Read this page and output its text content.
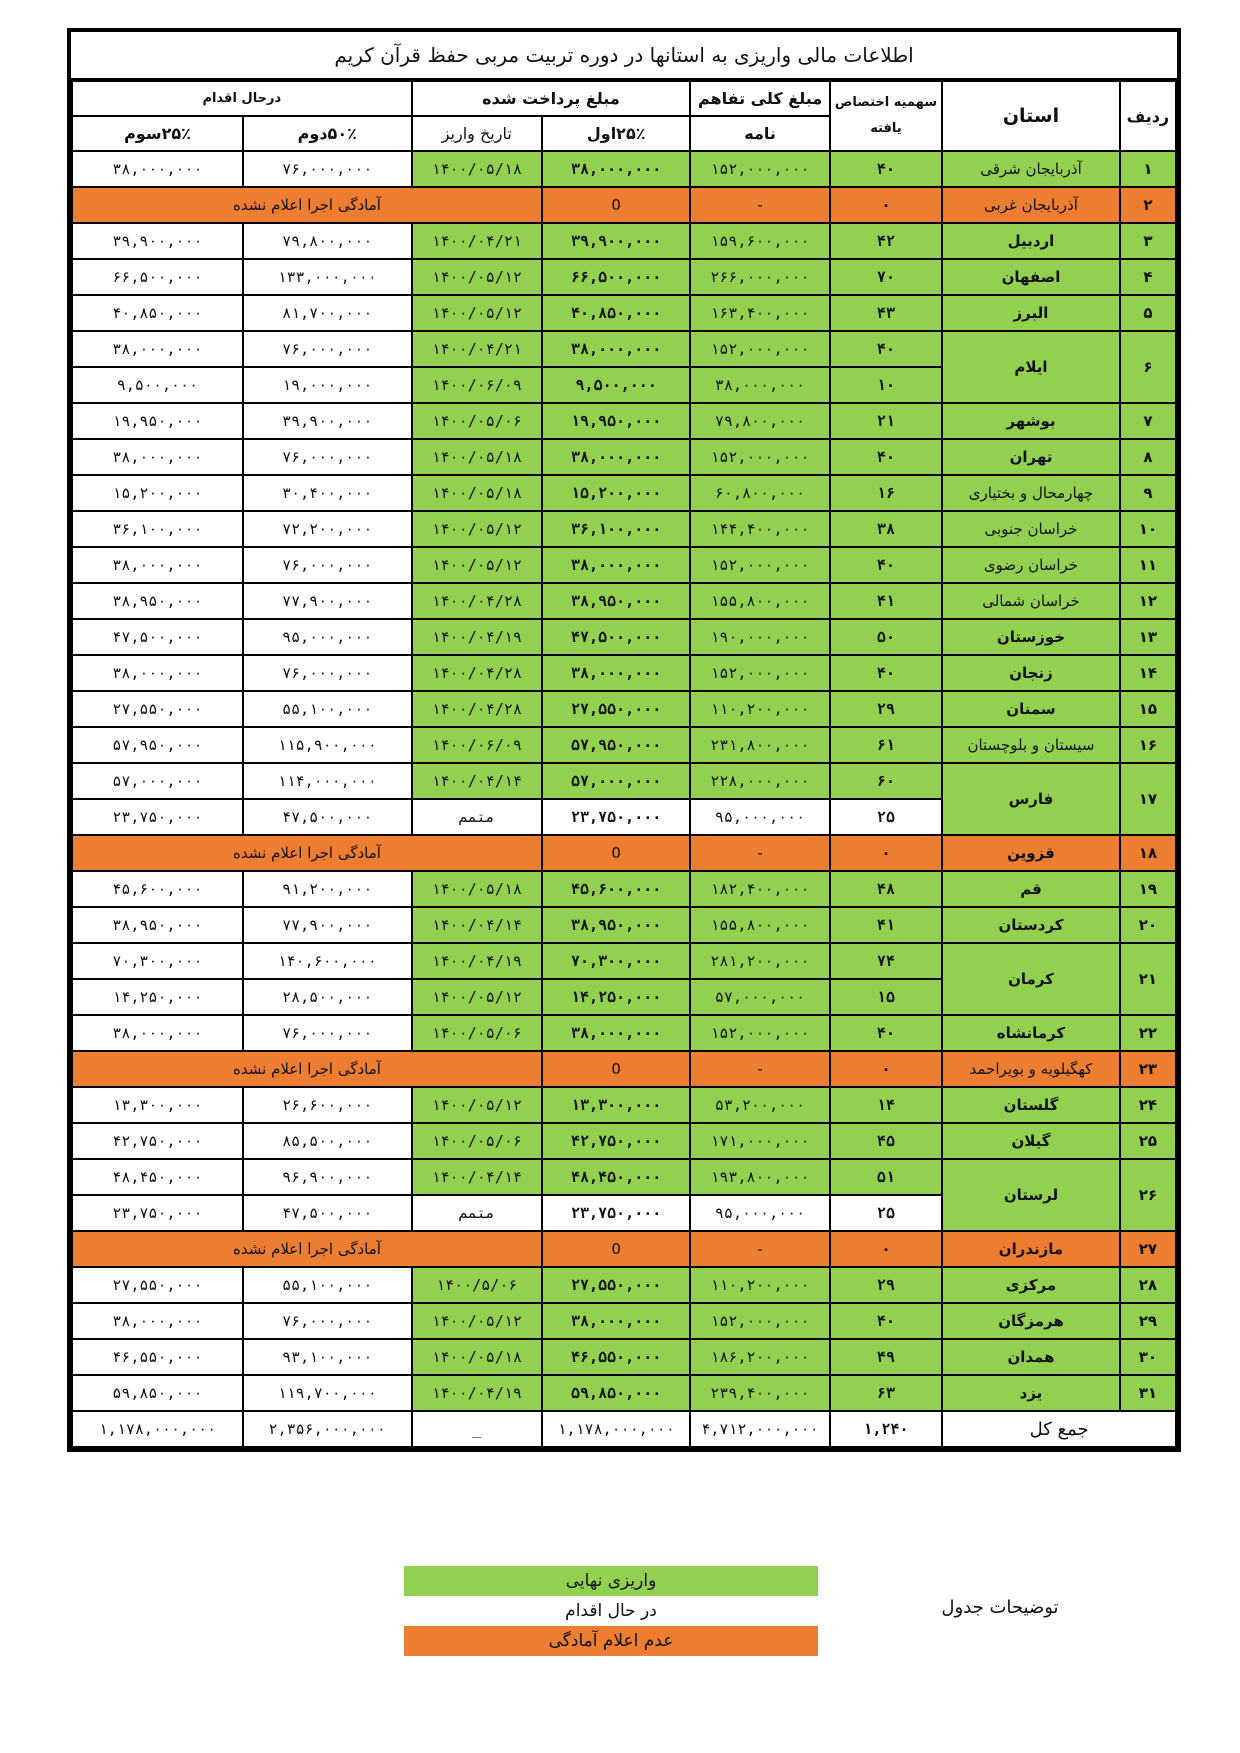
اطلاعات مالی واریزی به استانها در دوره تربیت مربی حفظ قرآن کریم
ردیف	استان	سهمیه اختصاص یافته	مبلغ کلی تفاهم	مبلغ پرداخت شده		درحال اقدام	
			نامه	۲۵٪اول	تاریخ واریز	۵۰٪دوم	۲۵٪سوم
۱	آذربایجان شرقی	۴۰	۱۵۲,۰۰۰,۰۰۰	۳۸,۰۰۰,۰۰۰	۱۴۰۰/۰۵/۱۸	۷۶,۰۰۰,۰۰۰	۳۸,۰۰۰,۰۰۰
۲	آذربایجان غربی	۰	-	0	آمادگی اجرا اعلام نشده		
۳	اردبیل	۴۲	۱۵۹,۶۰۰,۰۰۰	۳۹,۹۰۰,۰۰۰	۱۴۰۰/۰۴/۲۱	۷۹,۸۰۰,۰۰۰	۳۹,۹۰۰,۰۰۰
۴	اصفهان	۷۰	۲۶۶,۰۰۰,۰۰۰	۶۶,۵۰۰,۰۰۰	۱۴۰۰/۰۵/۱۲	۱۳۳,۰۰۰,۰۰۰	۶۶,۵۰۰,۰۰۰
۵	البرز	۴۳	۱۶۳,۴۰۰,۰۰۰	۴۰,۸۵۰,۰۰۰	۱۴۰۰/۰۵/۱۲	۸۱,۷۰۰,۰۰۰	۴۰,۸۵۰,۰۰۰
۶	ایلام	۴۰	۱۵۲,۰۰۰,۰۰۰	۳۸,۰۰۰,۰۰۰	۱۴۰۰/۰۴/۲۱	۷۶,۰۰۰,۰۰۰	۳۸,۰۰۰,۰۰۰
		۱۰	۳۸,۰۰۰,۰۰۰	۹,۵۰۰,۰۰۰	۱۴۰۰/۰۶/۰۹	۱۹,۰۰۰,۰۰۰	۹,۵۰۰,۰۰۰
۷	بوشهر	۲۱	۷۹,۸۰۰,۰۰۰	۱۹,۹۵۰,۰۰۰	۱۴۰۰/۰۵/۰۶	۳۹,۹۰۰,۰۰۰	۱۹,۹۵۰,۰۰۰
۸	تهران	۴۰	۱۵۲,۰۰۰,۰۰۰	۳۸,۰۰۰,۰۰۰	۱۴۰۰/۰۵/۱۸	۷۶,۰۰۰,۰۰۰	۳۸,۰۰۰,۰۰۰
۹	چهارمحال و بختیاری	۱۶	۶۰,۸۰۰,۰۰۰	۱۵,۲۰۰,۰۰۰	۱۴۰۰/۰۵/۱۸	۳۰,۴۰۰,۰۰۰	۱۵,۲۰۰,۰۰۰
۱۰	خراسان جنوبی	۳۸	۱۴۴,۴۰۰,۰۰۰	۳۶,۱۰۰,۰۰۰	۱۴۰۰/۰۵/۱۲	۷۲,۲۰۰,۰۰۰	۳۶,۱۰۰,۰۰۰
۱۱	خراسان رضوی	۴۰	۱۵۲,۰۰۰,۰۰۰	۳۸,۰۰۰,۰۰۰	۱۴۰۰/۰۵/۱۲	۷۶,۰۰۰,۰۰۰	۳۸,۰۰۰,۰۰۰
۱۲	خراسان شمالی	۴۱	۱۵۵,۸۰۰,۰۰۰	۳۸,۹۵۰,۰۰۰	۱۴۰۰/۰۴/۲۸	۷۷,۹۰۰,۰۰۰	۳۸,۹۵۰,۰۰۰
۱۳	خوزستان	۵۰	۱۹۰,۰۰۰,۰۰۰	۴۷,۵۰۰,۰۰۰	۱۴۰۰/۰۴/۱۹	۹۵,۰۰۰,۰۰۰	۴۷,۵۰۰,۰۰۰
۱۴	زنجان	۴۰	۱۵۲,۰۰۰,۰۰۰	۳۸,۰۰۰,۰۰۰	۱۴۰۰/۰۴/۲۸	۷۶,۰۰۰,۰۰۰	۳۸,۰۰۰,۰۰۰
۱۵	سمنان	۲۹	۱۱۰,۲۰۰,۰۰۰	۲۷,۵۵۰,۰۰۰	۱۴۰۰/۰۴/۲۸	۵۵,۱۰۰,۰۰۰	۲۷,۵۵۰,۰۰۰
۱۶	سیستان و بلوچستان	۶۱	۲۳۱,۸۰۰,۰۰۰	۵۷,۹۵۰,۰۰۰	۱۴۰۰/۰۶/۰۹	۱۱۵,۹۰۰,۰۰۰	۵۷,۹۵۰,۰۰۰
۱۷	فارس	۶۰	۲۲۸,۰۰۰,۰۰۰	۵۷,۰۰۰,۰۰۰	۱۴۰۰/۰۴/۱۴	۱۱۴,۰۰۰,۰۰۰	۵۷,۰۰۰,۰۰۰
		۲۵	۹۵,۰۰۰,۰۰۰	۲۳,۷۵۰,۰۰۰	متمم	۴۷,۵۰۰,۰۰۰	۲۳,۷۵۰,۰۰۰
۱۸	قزوین	۰	-	0	آمادگی اجرا اعلام نشده		
۱۹	قم	۴۸	۱۸۲,۴۰۰,۰۰۰	۴۵,۶۰۰,۰۰۰	۱۴۰۰/۰۵/۱۸	۹۱,۲۰۰,۰۰۰	۴۵,۶۰۰,۰۰۰
۲۰	کردستان	۴۱	۱۵۵,۸۰۰,۰۰۰	۳۸,۹۵۰,۰۰۰	۱۴۰۰/۰۴/۱۴	۷۷,۹۰۰,۰۰۰	۳۸,۹۵۰,۰۰۰
۲۱	کرمان	۷۴	۲۸۱,۲۰۰,۰۰۰	۷۰,۳۰۰,۰۰۰	۱۴۰۰/۰۴/۱۹	۱۴۰,۶۰۰,۰۰۰	۷۰,۳۰۰,۰۰۰
		۱۵	۵۷,۰۰۰,۰۰۰	۱۴,۲۵۰,۰۰۰	۱۴۰۰/۰۵/۱۲	۲۸,۵۰۰,۰۰۰	۱۴,۲۵۰,۰۰۰
۲۲	کرمانشاه	۴۰	۱۵۲,۰۰۰,۰۰۰	۳۸,۰۰۰,۰۰۰	۱۴۰۰/۰۵/۰۶	۷۶,۰۰۰,۰۰۰	۳۸,۰۰۰,۰۰۰
۲۳	کهگیلویه و بویراحمد	۰	-	0	آمادگی اجرا اعلام نشده		
۲۴	گلستان	۱۴	۵۳,۲۰۰,۰۰۰	۱۳,۳۰۰,۰۰۰	۱۴۰۰/۰۵/۱۲	۲۶,۶۰۰,۰۰۰	۱۳,۳۰۰,۰۰۰
۲۵	گیلان	۴۵	۱۷۱,۰۰۰,۰۰۰	۴۲,۷۵۰,۰۰۰	۱۴۰۰/۰۵/۰۶	۸۵,۵۰۰,۰۰۰	۴۲,۷۵۰,۰۰۰
۲۶	لرستان	۵۱	۱۹۳,۸۰۰,۰۰۰	۴۸,۴۵۰,۰۰۰	۱۴۰۰/۰۴/۱۴	۹۶,۹۰۰,۰۰۰	۴۸,۴۵۰,۰۰۰
		۲۵	۹۵,۰۰۰,۰۰۰	۲۳,۷۵۰,۰۰۰	متمم	۴۷,۵۰۰,۰۰۰	۲۳,۷۵۰,۰۰۰
۲۷	مازندران	۰	-	0	آمادگی اجرا اعلام نشده		
۲۸	مرکزی	۲۹	۱۱۰,۲۰۰,۰۰۰	۲۷,۵۵۰,۰۰۰	۱۴۰۰/۵/۰۶	۵۵,۱۰۰,۰۰۰	۲۷,۵۵۰,۰۰۰
۲۹	هرمزگان	۴۰	۱۵۲,۰۰۰,۰۰۰	۳۸,۰۰۰,۰۰۰	۱۴۰۰/۰۵/۱۲	۷۶,۰۰۰,۰۰۰	۳۸,۰۰۰,۰۰۰
۳۰	همدان	۴۹	۱۸۶,۲۰۰,۰۰۰	۴۶,۵۵۰,۰۰۰	۱۴۰۰/۰۵/۱۸	۹۳,۱۰۰,۰۰۰	۴۶,۵۵۰,۰۰۰
۳۱	یزد	۶۳	۲۳۹,۴۰۰,۰۰۰	۵۹,۸۵۰,۰۰۰	۱۴۰۰/۰۴/۱۹	۱۱۹,۷۰۰,۰۰۰	۵۹,۸۵۰,۰۰۰
جمع کل		۱,۲۴۰	۴,۷۱۲,۰۰۰,۰۰۰	۱,۱۷۸,۰۰۰,۰۰۰	_	۲,۳۵۶,۰۰۰,۰۰۰	۱,۱۷۸,۰۰۰,۰۰۰
واریزی نهایی
در حال اقدام
عدم اعلام آمادگی
توضیحات جدول
